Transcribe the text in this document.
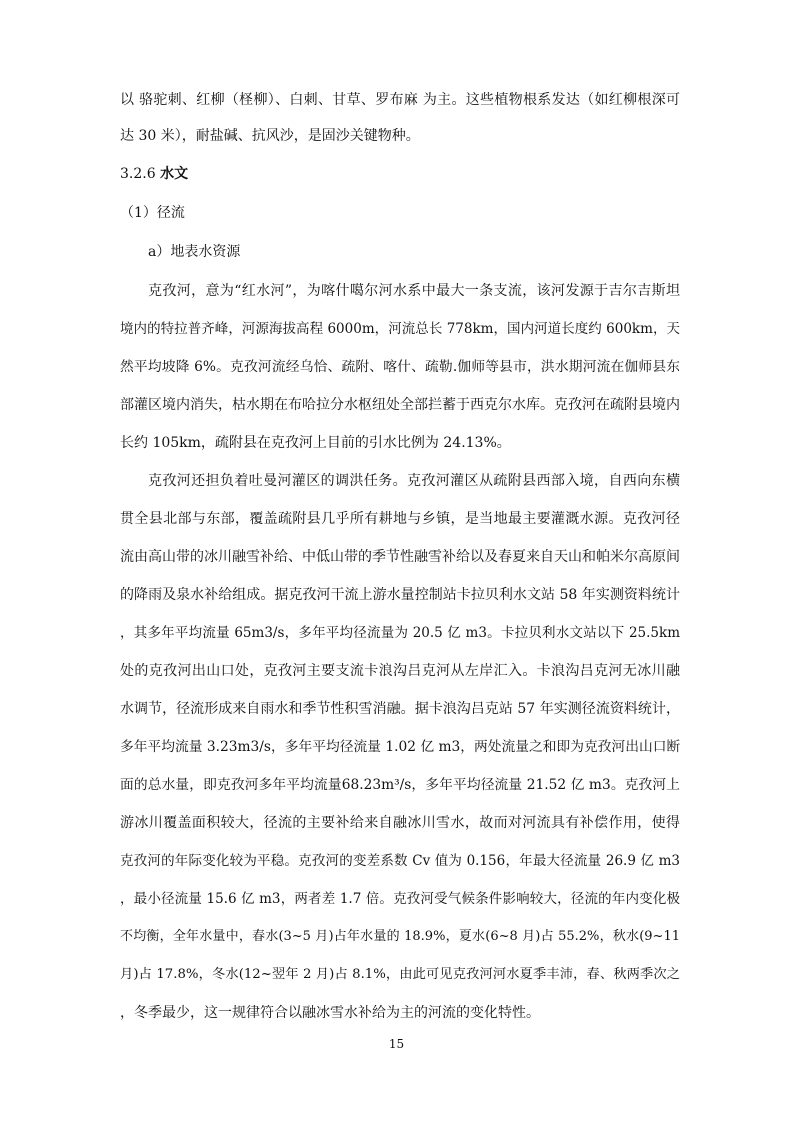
以 骆驼刺、红柳（柽柳）、白刺、甘草、罗布麻 为主。这些植物根系发达（如红柳根深可
达 30 米），耐盐碱、抗风沙，是固沙关键物种。
3.2.6 水文
（1）径流
a）地表水资源
克孜河，意为“红水河”，为喀什噶尔河水系中最大一条支流，该河发源于吉尔吉斯坦
境内的特拉普齐峰，河源海拔高程 6000m，河流总长 778km，国内河道长度约 600km，天
然平均坡降 6%。克孜河流经乌恰、疏附、喀什、疏勒.伽师等县市，洪水期河流在伽师县东
部灌区境内消失，枯水期在布哈拉分水枢纽处全部拦蓄于西克尔水库。克孜河在疏附县境内
长约 105km，疏附县在克孜河上目前的引水比例为 24.13%。
克孜河还担负着吐曼河灌区的调洪任务。克孜河灌区从疏附县西部入境，自西向东横
贯全县北部与东部，覆盖疏附县几乎所有耕地与乡镇，是当地最主要灌溉水源。克孜河径
流由高山带的冰川融雪补给、中低山带的季节性融雪补给以及春夏来自天山和帕米尔高原间
的降雨及泉水补给组成。据克孜河干流上游水量控制站卡拉贝利水文站 58 年实测资料统计
，其多年平均流量 65m3/s，多年平均径流量为 20.5 亿 m3。卡拉贝利水文站以下 25.5km
处的克孜河出山口处，克孜河主要支流卡浪沟吕克河从左岸汇入。卡浪沟吕克河无冰川融
水调节，径流形成来自雨水和季节性积雪消融。据卡浪沟吕克站 57 年实测径流资料统计，
多年平均流量 3.23m3/s，多年平均径流量 1.02 亿 m3，两处流量之和即为克孜河出山口断
面的总水量，即克孜河多年平均流量68.23m³/s，多年平均径流量 21.52 亿 m3。克孜河上
游冰川覆盖面积较大，径流的主要补给来自融冰川雪水，故而对河流具有补偿作用，使得
克孜河的年际变化较为平稳。克孜河的变差系数 Cv 值为 0.156，年最大径流量 26.9 亿 m3
，最小径流量 15.6 亿 m3，两者差 1.7 倍。克孜河受气候条件影响较大，径流的年内变化极
不均衡，全年水量中，春水(3~5 月)占年水量的 18.9%，夏水(6~8 月)占 55.2%，秋水(9~11
月)占 17.8%，冬水(12~翌年 2 月)占 8.1%，由此可见克孜河河水夏季丰沛，春、秋两季次之
，冬季最少，这一规律符合以融冰雪水补给为主的河流的变化特性。
15
